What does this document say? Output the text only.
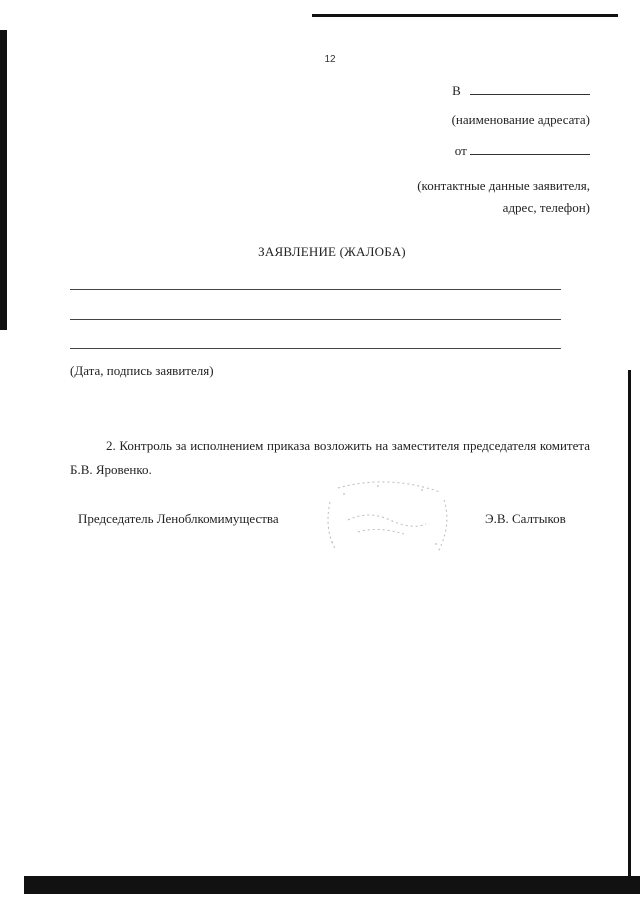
12
В
(наименование адресата)
от
(контактные данные заявителя,
адрес, телефон)
ЗАЯВЛЕНИЕ (ЖАЛОБА)
(Дата, подпись заявителя)
2. Контроль за исполнением приказа возложить на заместителя председателя комитета Б.В. Яровенко.
Председатель Леноблкомимущества	Э.В. Салтыков
